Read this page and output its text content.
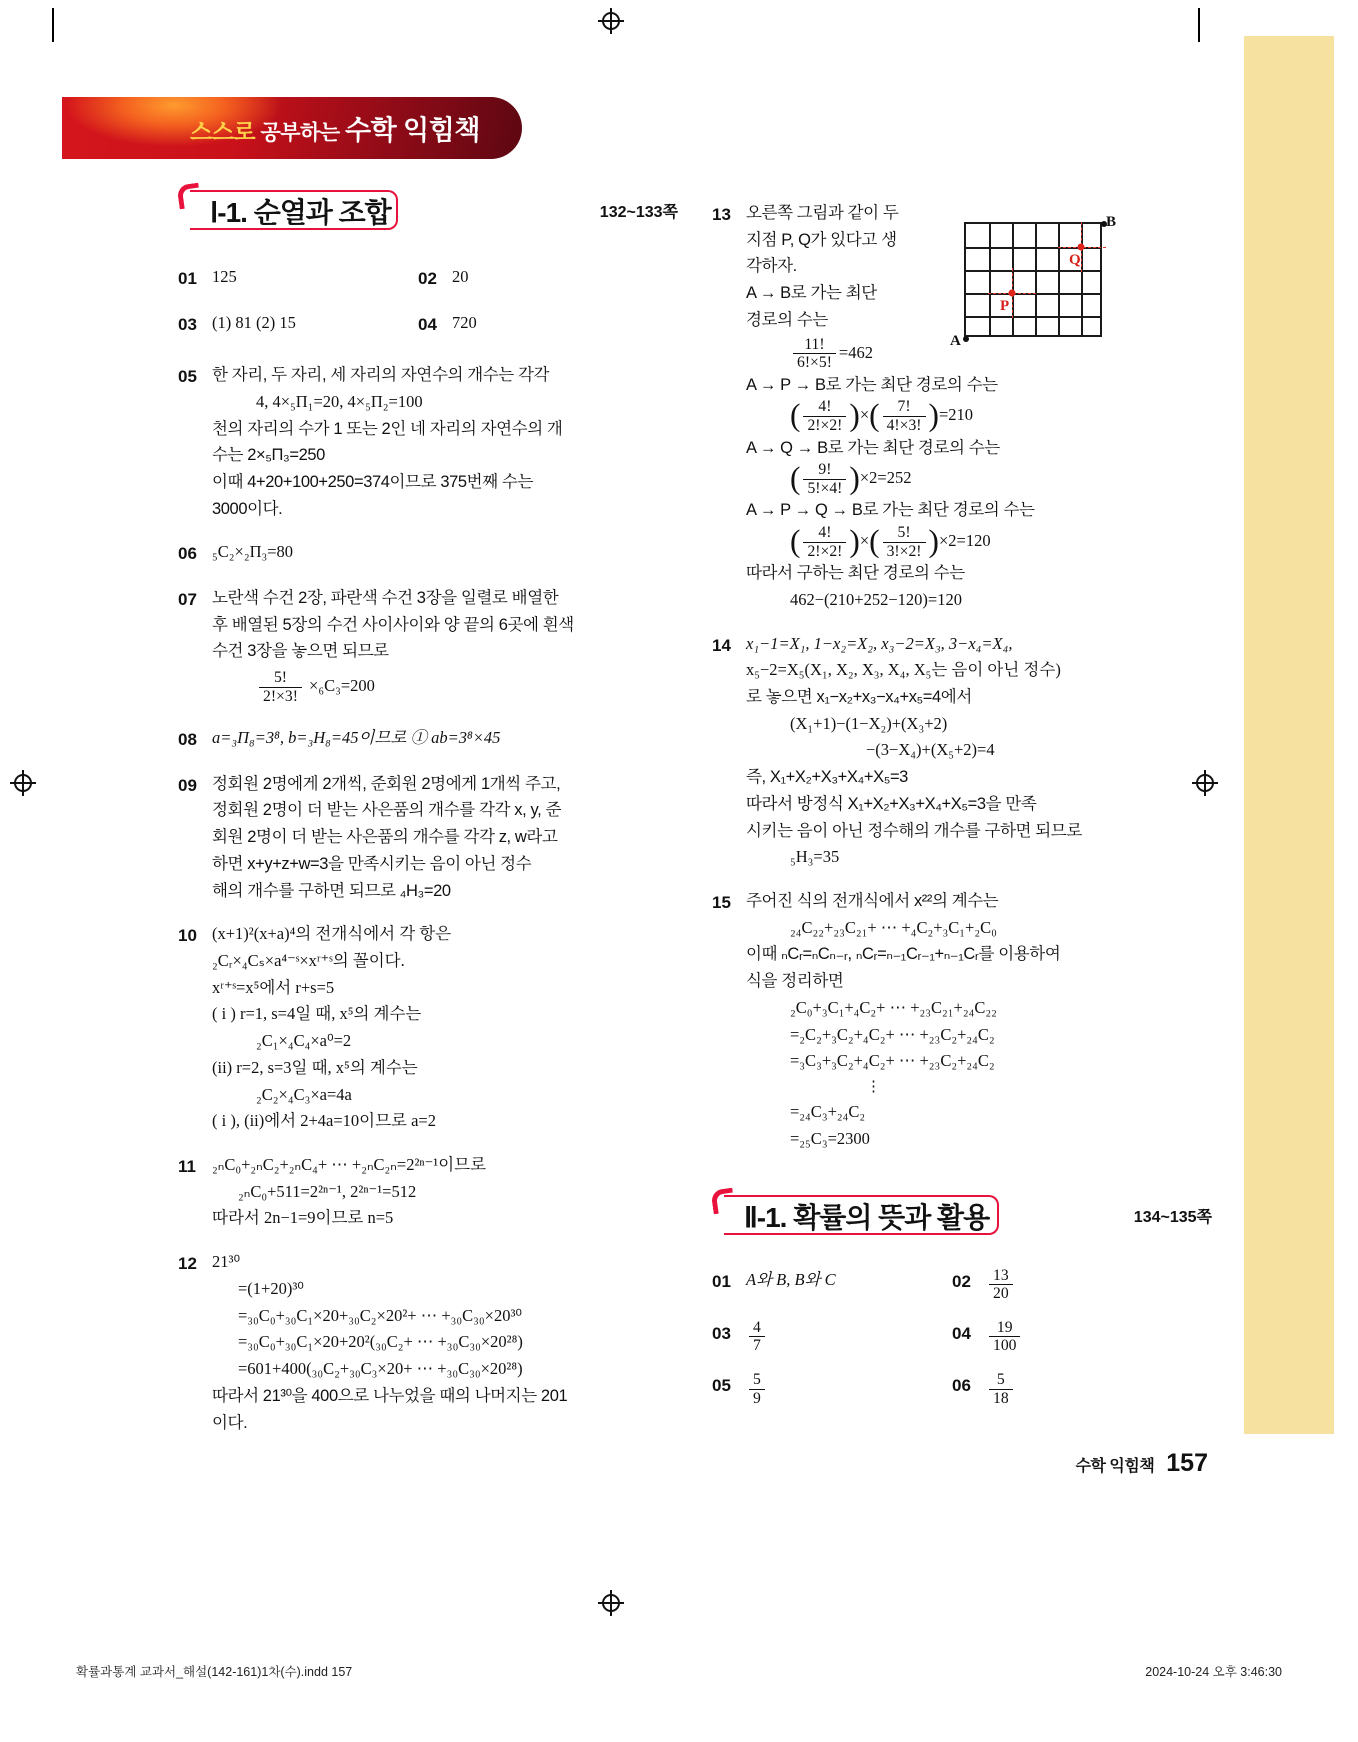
스스로 공부하는 수학 익힘책
Ⅰ-1. 순열과 조합	132~133쪽
01 125	02 20
03 (1) 81 (2) 15	04 720
05 한 자리, 두 자리, 세 자리의 자연수의 개수는 각각
4, 4×₅Π₁=20, 4×₅Π₂=100
천의 자리의 수가 1 또는 2인 네 자리의 자연수의 개
수는 2×₅Π₃=250
이때 4+20+100+250=374이므로 375번째 수는
3000이다.
06 ₅C₂×₂Π₃=80
07 노란색 수건 2장, 파란색 수건 3장을 일렬로 배열한
후 배열된 5장의 수건 사이사이와 양 끝의 6곳에 흰색
수건 3장을 놓으면 되므로
$\frac{5!}{2!\times 3!} \times_6C_3=200$
08 a=₃Π₈=3⁸, b=₃H₈=45이므로 ① ab=3⁸×45
09 정회원 2명에게 2개씩, 준회원 2명에게 1개씩 주고,
정회원 2명이 더 받는 사은품의 개수를 각각 x, y, 준
회원 2명이 더 받는 사은품의 개수를 각각 z, w라고
하면 x+y+z+w=3을 만족시키는 음이 아닌 정수
해의 개수를 구하면 되므로 ₄H₃=20
10 (x+1)²(x+a)⁴의 전개식에서 각 항은
₂Cᵣ×₄Cₛ×a⁴⁻ˢ×xʳ⁺ˢ의 꼴이다.
xʳ⁺ˢ=x⁵에서 r+s=5
( i ) r=1, s=4일 때, x⁵의 계수는
₂C₁×₄C₄×a⁰=2
(ii) r=2, s=3일 때, x⁵의 계수는
₂C₂×₄C₃×a=4a
( i ), (ii)에서 2+4a=10이므로 a=2
11 ₂ₙC₀+₂ₙC₂+₂ₙC₄+ ⋯ +₂ₙC₂ₙ=2²ⁿ⁻¹이므로
₂ₙC₀+511=2²ⁿ⁻¹, 2²ⁿ⁻¹=512
따라서 2n−1=9이므로 n=5
12 21³⁰
=(1+20)³⁰
=₃₀C₀+₃₀C₁×20+₃₀C₂×20²+ ⋯ +₃₀C₃₀×20³⁰
=₃₀C₀+₃₀C₁×20+20²(₃₀C₂+ ⋯ +₃₀C₃₀×20²⁸)
=601+400(₃₀C₂+₃₀C₃×20+ ⋯ +₃₀C₃₀×20²⁸)
따라서 21³⁰을 400으로 나누었을 때의 나머지는 201
이다.
13 오른쪽 그림과 같이 두
지점 P, Q가 있다고 생
각하자.
A → B로 가는 최단
경로의 수는
B
A
P
Q
$\frac{11!}{6!\times 5!} =462$
A → P → B로 가는 최단 경로의 수는
( $\frac{4!}{2!\times 2!}$ )×( $\frac{7!}{4!\times 3!} )=210$
A → Q → B로 가는 최단 경로의 수는
( $\frac{9!}{5!\times 4!} )\times 2=252$
A → P → Q → B로 가는 최단 경로의 수는
( $\frac{4!}{2!\times 2!}$ )×( $\frac{5!}{3!\times 2!} )\times 2=120$
따라서 구하는 최단 경로의 수는
462−(210+252−120)=120
14 x₁−1=X₁, 1−x₂=X₂, x₃−2=X₃, 3−x₄=X₄,
x₅−2=X₅(X₁, X₂, X₃, X₄, X₅는 음이 아닌 정수)
로 놓으면 x₁−x₂+x₃−x₄+x₅=4에서
(X₁+1)−(1−X₂)+(X₃+2)
−(3−X₄)+(X₅+2)=4
즉, X₁+X₂+X₃+X₄+X₅=3
따라서 방정식 X₁+X₂+X₃+X₄+X₅=3을 만족
시키는 음이 아닌 정수해의 개수를 구하면 되므로
₅H₃=35
15 주어진 식의 전개식에서 x²²의 계수는
₂₄C₂₂+₂₃C₂₁+ ⋯ +₄C₂+₃C₁+₂C₀
이때 ₙCᵣ=ₙCₙ₋ᵣ, ₙCᵣ=ₙ₋₁Cᵣ₋₁+ₙ₋₁Cᵣ를 이용하여
식을 정리하면
₂C₀+₃C₁+₄C₂+ ⋯ +₂₃C₂₁+₂₄C₂₂
=₂C₂+₃C₂+₄C₂+ ⋯ +₂₃C₂+₂₄C₂
=₃C₃+₃C₂+₄C₂+ ⋯ +₂₃C₂+₂₄C₂
⋮
=₂₄C₃+₂₄C₂
=₂₅C₃=2300
Ⅱ-1. 확률의 뜻과 활용	134~135쪽
01 A와 B, B와 C	02	$\frac{13}{20}$
03	$\frac{4}{7}$	04	$\frac{19}{100}$
05	$\frac{5}{9}$	06	$\frac{5}{18}$
수학 익힘책 157
확률과통계 교과서_해설(142-161)1차(수).indd 157	2024-10-24 오후 3:46:30
